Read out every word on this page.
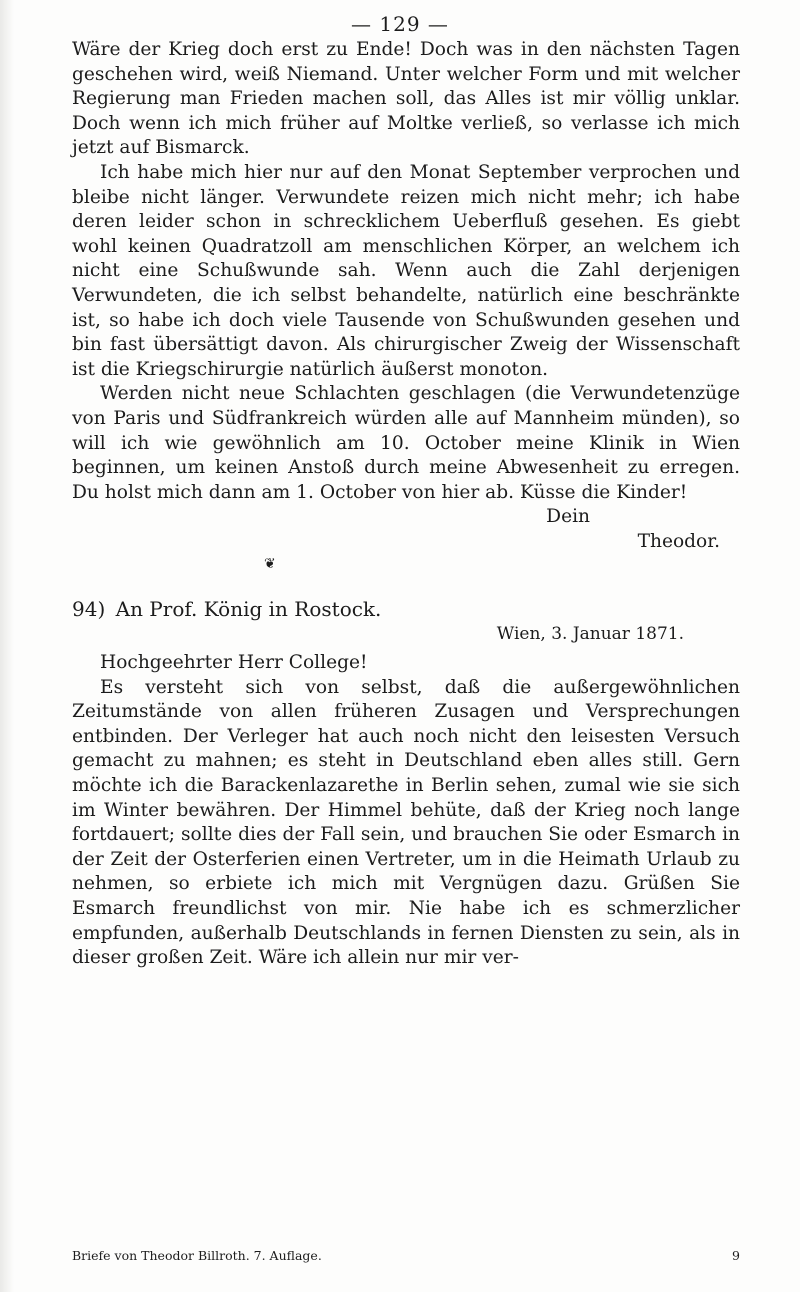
— 129 —

Wäre der Krieg doch erst zu Ende! Doch was in den nächsten Tagen geschehen wird, weiß Niemand. Unter welcher Form und mit welcher Regierung man Frieden machen soll, das Alles ist mir völlig unklar. Doch wenn ich mich früher auf Moltke verließ, so verlasse ich mich jetzt auf Bismarck.

Ich habe mich hier nur auf den Monat September verprochen und bleibe nicht länger. Verwundete reizen mich nicht mehr; ich habe deren leider schon in schrecklichem Ueberfluß gesehen. Es giebt wohl keinen Quadratzoll am menschlichen Körper, an welchem ich nicht eine Schußwunde sah. Wenn auch die Zahl derjenigen Verwundeten, die ich selbst behandelte, natürlich eine beschränkte ist, so habe ich doch viele Tausende von Schußwunden gesehen und bin fast übersättigt davon. Als chirurgischer Zweig der Wissenschaft ist die Kriegschirurgie natürlich äußerst monoton.

Werden nicht neue Schlachten geschlagen (die Verwundetenzüge von Paris und Südfrankreich würden alle auf Mannheim münden), so will ich wie gewöhnlich am 10. October meine Klinik in Wien beginnen, um keinen Anstoß durch meine Abwesenheit zu erregen. Du holst mich dann am 1. October von hier ab. Küsse die Kinder!

Dein

Theodor.

❦

94) An Prof. König in Rostock.

Wien, 3. Januar 1871.

Hochgeehrter Herr College!

Es versteht sich von selbst, daß die außergewöhnlichen Zeitumstände von allen früheren Zusagen und Versprechungen entbinden. Der Verleger hat auch noch nicht den leisesten Versuch gemacht zu mahnen; es steht in Deutschland eben alles still. Gern möchte ich die Barackenlazarethe in Berlin sehen, zumal wie sie sich im Winter bewähren. Der Himmel behüte, daß der Krieg noch lange fortdauert; sollte dies der Fall sein, und brauchen Sie oder Esmarch in der Zeit der Osterferien einen Vertreter, um in die Heimath Urlaub zu nehmen, so erbiete ich mich mit Vergnügen dazu. Grüßen Sie Esmarch freundlichst von mir. Nie habe ich es schmerzlicher empfunden, außerhalb Deutschlands in fernen Diensten zu sein, als in dieser großen Zeit. Wäre ich allein nur mir ver-

Briefe von Theodor Billroth. 7. Auflage.	9
